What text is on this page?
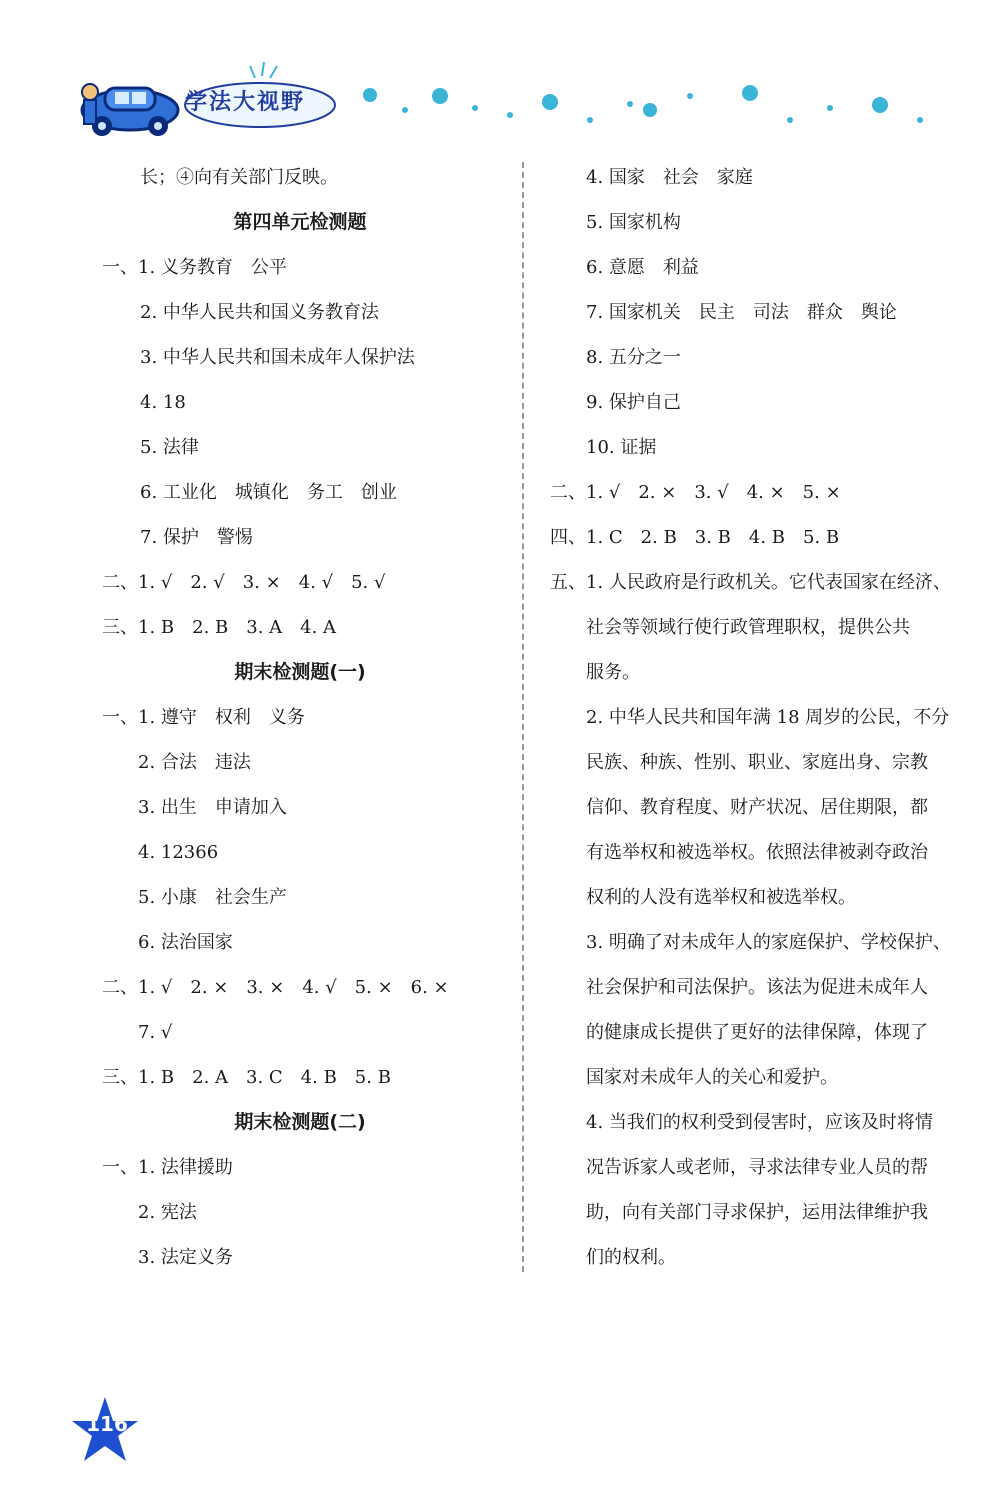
学法大视野
长；④向有关部门反映。
第四单元检测题
一、1. 义务教育　公平
2. 中华人民共和国义务教育法
3. 中华人民共和国未成年人保护法
4. 18
5. 法律
6. 工业化　城镇化　务工　创业
7. 保护　警惕
二、1. √　2. √　3. ×　4. √　5. √
三、1. B　2. B　3. A　4. A
期末检测题(一)
一、1. 遵守　权利　义务
2. 合法　违法
3. 出生　申请加入
4. 12366
5. 小康　社会生产
6. 法治国家
二、1. √　2. ×　3. ×　4. √　5. ×　6. ×
7. √
三、1. B　2. A　3. C　4. B　5. B
期末检测题(二)
一、1. 法律援助
2. 宪法
3. 法定义务
4. 国家　社会　家庭
5. 国家机构
6. 意愿　利益
7. 国家机关　民主　司法　群众　舆论
8. 五分之一
9. 保护自己
10. 证据
二、1. √　2. ×　3. √　4. ×　5. ×
四、1. C　2. B　3. B　4. B　5. B
五、1. 人民政府是行政机关。它代表国家在经济、
社会等领域行使行政管理职权，提供公共
服务。
2. 中华人民共和国年满 18 周岁的公民，不分
民族、种族、性别、职业、家庭出身、宗教
信仰、教育程度、财产状况、居住期限，都
有选举权和被选举权。依照法律被剥夺政治
权利的人没有选举权和被选举权。
3. 明确了对未成年人的家庭保护、学校保护、
社会保护和司法保护。该法为促进未成年人
的健康成长提供了更好的法律保障，体现了
国家对未成年人的关心和爱护。
4. 当我们的权利受到侵害时，应该及时将情
况告诉家人或老师，寻求法律专业人员的帮
助，向有关部门寻求保护，运用法律维护我
们的权利。
116
